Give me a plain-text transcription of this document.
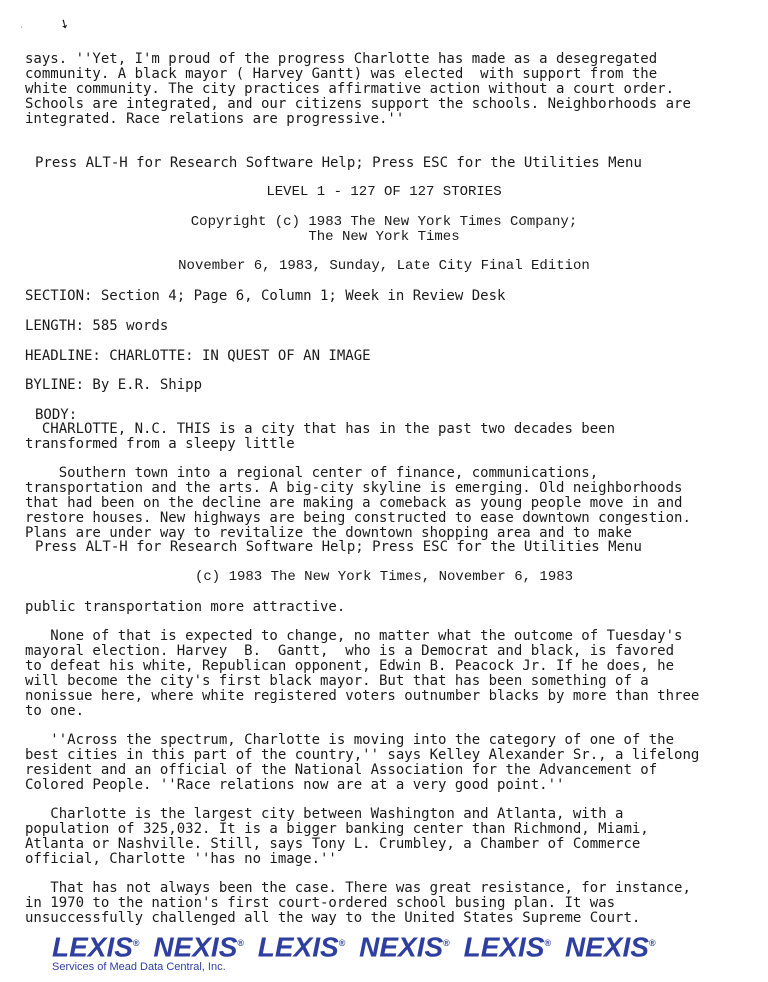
· ➘
says. ''Yet, I'm proud of the progress Charlotte has made as a desegregated
community. A black mayor ( Harvey Gantt) was elected  with support from the
white community. The city practices affirmative action without a court order.
Schools are integrated, and our citizens support the schools. Neighborhoods are
integrated. Race relations are progressive.''
Press ALT-H for Research Software Help; Press ESC for the Utilities Menu
LEVEL 1 - 127 OF 127 STORIES
Copyright (c) 1983 The New York Times Company;
The New York Times
November 6, 1983, Sunday, Late City Final Edition
SECTION: Section 4; Page 6, Column 1; Week in Review Desk
LENGTH: 585 words
HEADLINE: CHARLOTTE: IN QUEST OF AN IMAGE
BYLINE: By E.R. Shipp
BODY:
CHARLOTTE, N.C. THIS is a city that has in the past two decades been
transformed from a sleepy little
Southern town into a regional center of finance, communications,
transportation and the arts. A big-city skyline is emerging. Old neighborhoods
that had been on the decline are making a comeback as young people move in and
restore houses. New highways are being constructed to ease downtown congestion.
Plans are under way to revitalize the downtown shopping area and to make
Press ALT-H for Research Software Help; Press ESC for the Utilities Menu
(c) 1983 The New York Times, November 6, 1983
public transportation more attractive.
None of that is expected to change, no matter what the outcome of Tuesday's
mayoral election. Harvey  B.  Gantt,  who is a Democrat and black, is favored
to defeat his white, Republican opponent, Edwin B. Peacock Jr. If he does, he
will become the city's first black mayor. But that has been something of a
nonissue here, where white registered voters outnumber blacks by more than three
to one.
''Across the spectrum, Charlotte is moving into the category of one of the
best cities in this part of the country,'' says Kelley Alexander Sr., a lifelong
resident and an official of the National Association for the Advancement of
Colored People. ''Race relations now are at a very good point.''
Charlotte is the largest city between Washington and Atlanta, with a
population of 325,032. It is a bigger banking center than Richmond, Miami,
Atlanta or Nashville. Still, says Tony L. Crumbley, a Chamber of Commerce
official, Charlotte ''has no image.''
That has not always been the case. There was great resistance, for instance,
in 1970 to the nation's first court-ordered school busing plan. It was
unsuccessfully challenged all the way to the United States Supreme Court.
LEXIS® NEXIS® LEXIS® NEXIS® LEXIS® NEXIS®
Services of Mead Data Central, Inc.
